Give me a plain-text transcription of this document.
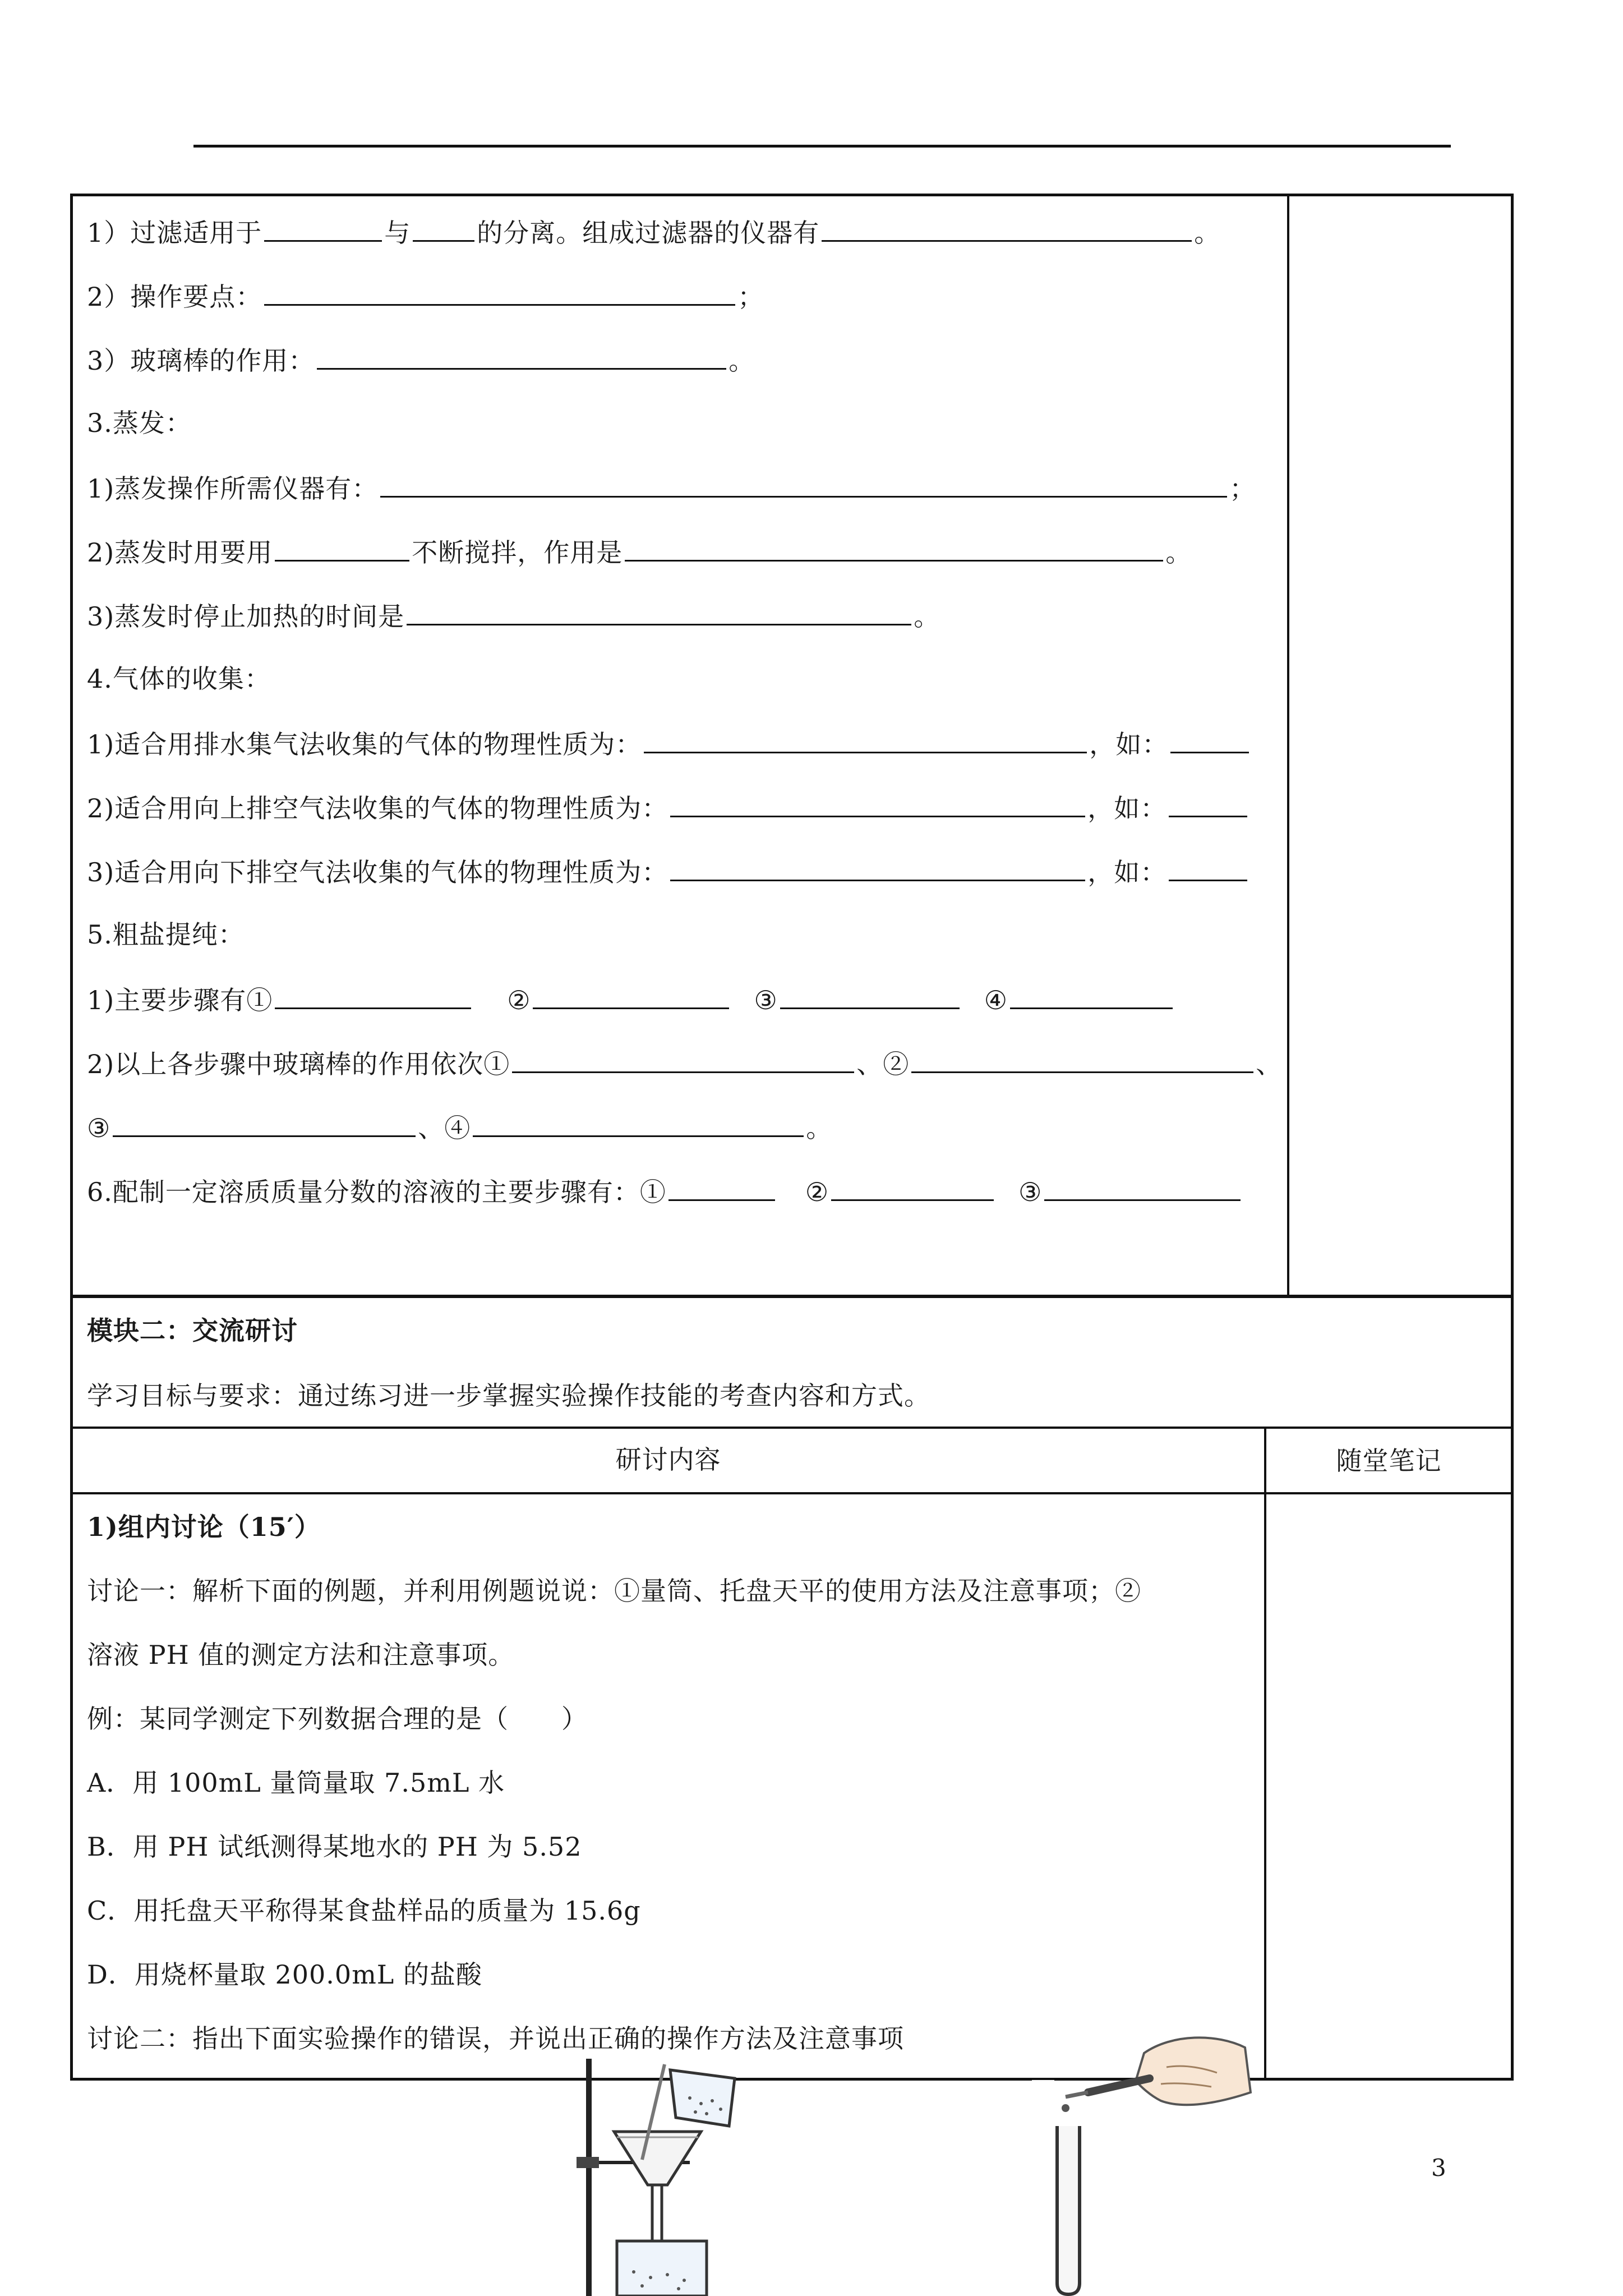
1）过滤适用于	与	的分离。组成过滤器的仪器有	。
2）操作要点：	；
3）玻璃棒的作用：	。
3.蒸发：
1)蒸发操作所需仪器有：	；
2)蒸发时用要用	不断搅拌，作用是	。
3)蒸发时停止加热的时间是	。
4.气体的收集：
1)适合用排水集气法收集的气体的物理性质为：	，如：
2)适合用向上排空气法收集的气体的物理性质为：	，如：
3)适合用向下排空气法收集的气体的物理性质为：	，如：
5.粗盐提纯：
1)主要步骤有①	②	③	④
2)以上各步骤中玻璃棒的作用依次①	、②	、
③	、④	。
6.配制一定溶质质量分数的溶液的主要步骤有：①	②	③
模块二：交流研讨
学习目标与要求：通过练习进一步掌握实验操作技能的考查内容和方式。
研讨内容	随堂笔记
1)组内讨论（15′）
讨论一：解析下面的例题，并利用例题说说：①量筒、托盘天平的使用方法及注意事项；②
溶液 PH 值的测定方法和注意事项。
例：某同学测定下列数据合理的是（　　）
A．用 100mL 量筒量取 7.5mL 水
B．用 PH 试纸测得某地水的 PH 为 5.52
C．用托盘天平称得某食盐样品的质量为 15.6g
D．用烧杯量取 200.0mL 的盐酸
讨论二：指出下面实验操作的错误，并说出正确的操作方法及注意事项
3
